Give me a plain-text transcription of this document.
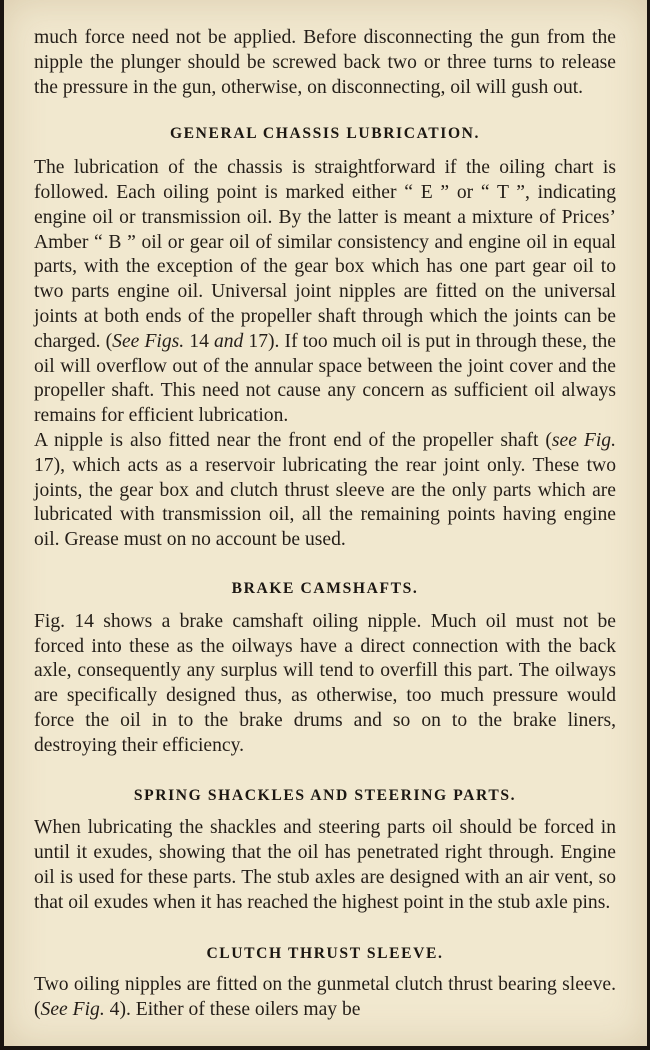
much force need not be applied. Before disconnecting the gun from the nipple the plunger should be screwed back two or three turns to release the pressure in the gun, otherwise, on disconnecting, oil will gush out.

GENERAL CHASSIS LUBRICATION.

The lubrication of the chassis is straightforward if the oiling chart is followed. Each oiling point is marked either “ E ” or “ T ”, indicating engine oil or transmission oil. By the latter is meant a mixture of Prices’ Amber “ B ” oil or gear oil of similar consistency and engine oil in equal parts, with the exception of the gear box which has one part gear oil to two parts engine oil. Universal joint nipples are fitted on the universal joints at both ends of the propeller shaft through which the joints can be charged. (See Figs. 14 and 17). If too much oil is put in through these, the oil will overflow out of the annular space between the joint cover and the propeller shaft. This need not cause any concern as sufficient oil always remains for efficient lubrication.

A nipple is also fitted near the front end of the propeller shaft (see Fig. 17), which acts as a reservoir lubricating the rear joint only. These two joints, the gear box and clutch thrust sleeve are the only parts which are lubricated with transmission oil, all the remaining points having engine oil. Grease must on no account be used.

BRAKE CAMSHAFTS.

Fig. 14 shows a brake camshaft oiling nipple. Much oil must not be forced into these as the oilways have a direct connection with the back axle, consequently any surplus will tend to overfill this part. The oilways are specifically designed thus, as otherwise, too much pressure would force the oil in to the brake drums and so on to the brake liners, destroying their efficiency.

SPRING SHACKLES AND STEERING PARTS.

When lubricating the shackles and steering parts oil should be forced in until it exudes, showing that the oil has penetrated right through. Engine oil is used for these parts. The stub axles are designed with an air vent, so that oil exudes when it has reached the highest point in the stub axle pins.

CLUTCH THRUST SLEEVE.

Two oiling nipples are fitted on the gunmetal clutch thrust bearing sleeve. (See Fig. 4). Either of these oilers may be
